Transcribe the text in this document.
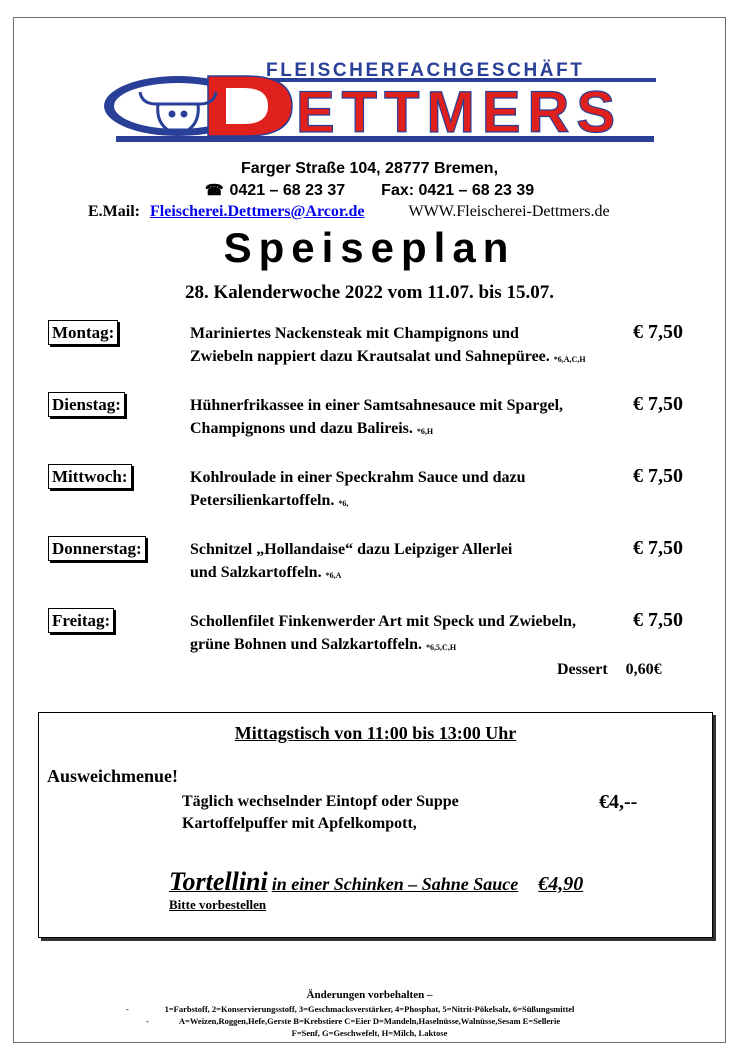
FLEISCHERFACHGESCHÄFT
ETTMERS
Farger Straße 104, 28777 Bremen,
☎ 0421 – 68 23 37 Fax: 0421 – 68 23 39
E.Mail: Fleischerei.Dettmers@Arcor.de	WWW.Fleischerei-Dettmers.de
Speiseplan
28. Kalenderwoche 2022 vom 11.07. bis 15.07.
Montag:	Mariniertes Nackensteak mit Champignons und
Zwiebeln nappiert dazu Krautsalat und Sahnepüree. *6,A,C,H
€ 7,50
Dienstag:	Hühnerfrikassee in einer Samtsahnesauce mit Spargel,
Champignons und dazu Balireis. *6,H
€ 7,50
Mittwoch:	Kohlroulade in einer Speckrahm Sauce und dazu
Petersilienkartoffeln. *6,
€ 7,50
Donnerstag:	Schnitzel „Hollandaise“ dazu Leipziger Allerlei
und Salzkartoffeln. *6,A
€ 7,50
Freitag:	Schollenfilet Finkenwerder Art mit Speck und Zwiebeln,
grüne Bohnen und Salzkartoffeln. *6,5,C,H
€ 7,50
Dessert 0,60€
Mittagstisch von 11:00 bis 13:00 Uhr
Ausweichmenue!
Täglich wechselnder Eintopf oder Suppe
Kartoffelpuffer mit Apfelkompott,
€4,--
Tortellini in einer Schinken – Sahne Sauce €4,90
Bitte vorbestellen
Änderungen vorbehalten –
-
-
1=Farbstoff, 2=Konservierungsstoff, 3=Geschmacksverstärker, 4=Phosphat, 5=Nitrit-Pökelsalz, 6=Süßungsmittel
A=Weizen,Roggen,Hefe,Gerste B=Krebstiere C=Eier D=Mandeln,Haselnüsse,Walnüsse,Sesam E=Sellerie
F=Senf, G=Geschwefelt, H=Milch, Laktose
